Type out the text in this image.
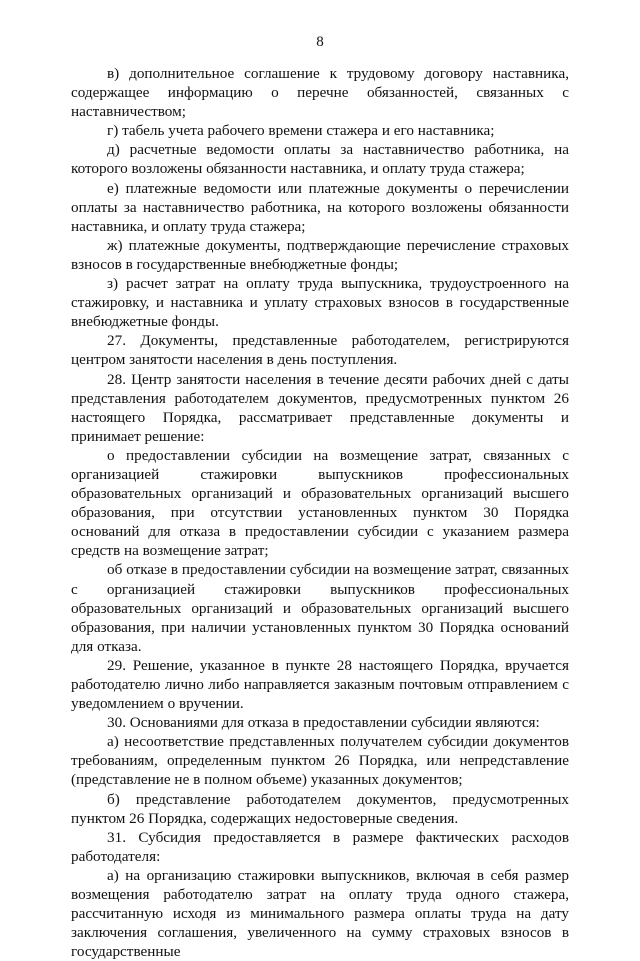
8

в) дополнительное соглашение к трудовому договору наставника, содержащее информацию о перечне обязанностей, связанных с наставничеством;

г) табель учета рабочего времени стажера и его наставника;

д) расчетные ведомости оплаты за наставничество работника, на которого возложены обязанности наставника, и оплату труда стажера;

е) платежные ведомости или платежные документы о перечислении оплаты за наставничество работника, на которого возложены обязанности наставника, и оплату труда стажера;

ж) платежные документы, подтверждающие перечисление страховых взносов в государственные внебюджетные фонды;

з) расчет затрат на оплату труда выпускника, трудоустроенного на стажировку, и наставника и уплату страховых взносов в государственные внебюджетные фонды.

27. Документы, представленные работодателем, регистрируются центром занятости населения в день поступления.

28. Центр занятости населения в течение десяти рабочих дней с даты представления работодателем документов, предусмотренных пунктом 26 настоящего Порядка, рассматривает представленные документы и принимает решение:

о предоставлении субсидии на возмещение затрат, связанных с организацией стажировки выпускников профессиональных образовательных организаций и образовательных организаций высшего образования, при отсутствии установленных пунктом 30 Порядка оснований для отказа в предоставлении субсидии с указанием размера средств на возмещение затрат;

об отказе в предоставлении субсидии на возмещение затрат, связанных с организацией стажировки выпускников профессиональных образовательных организаций и образовательных организаций высшего образования, при наличии установленных пунктом 30 Порядка оснований для отказа.

29. Решение, указанное в пункте 28 настоящего Порядка, вручается работодателю лично либо направляется заказным почтовым отправлением с уведомлением о вручении.

30. Основаниями для отказа в предоставлении субсидии являются:

а) несоответствие представленных получателем субсидии документов требованиям, определенным пунктом 26 Порядка, или непредставление (представление не в полном объеме) указанных документов;

б) представление работодателем документов, предусмотренных пунктом 26 Порядка, содержащих недостоверные сведения.

31. Субсидия предоставляется в размере фактических расходов работодателя:

а) на организацию стажировки выпускников, включая в себя размер возмещения работодателю затрат на оплату труда одного стажера, рассчитанную исходя из минимального размера оплаты труда на дату заключения соглашения, увеличенного на сумму страховых взносов в государственные
